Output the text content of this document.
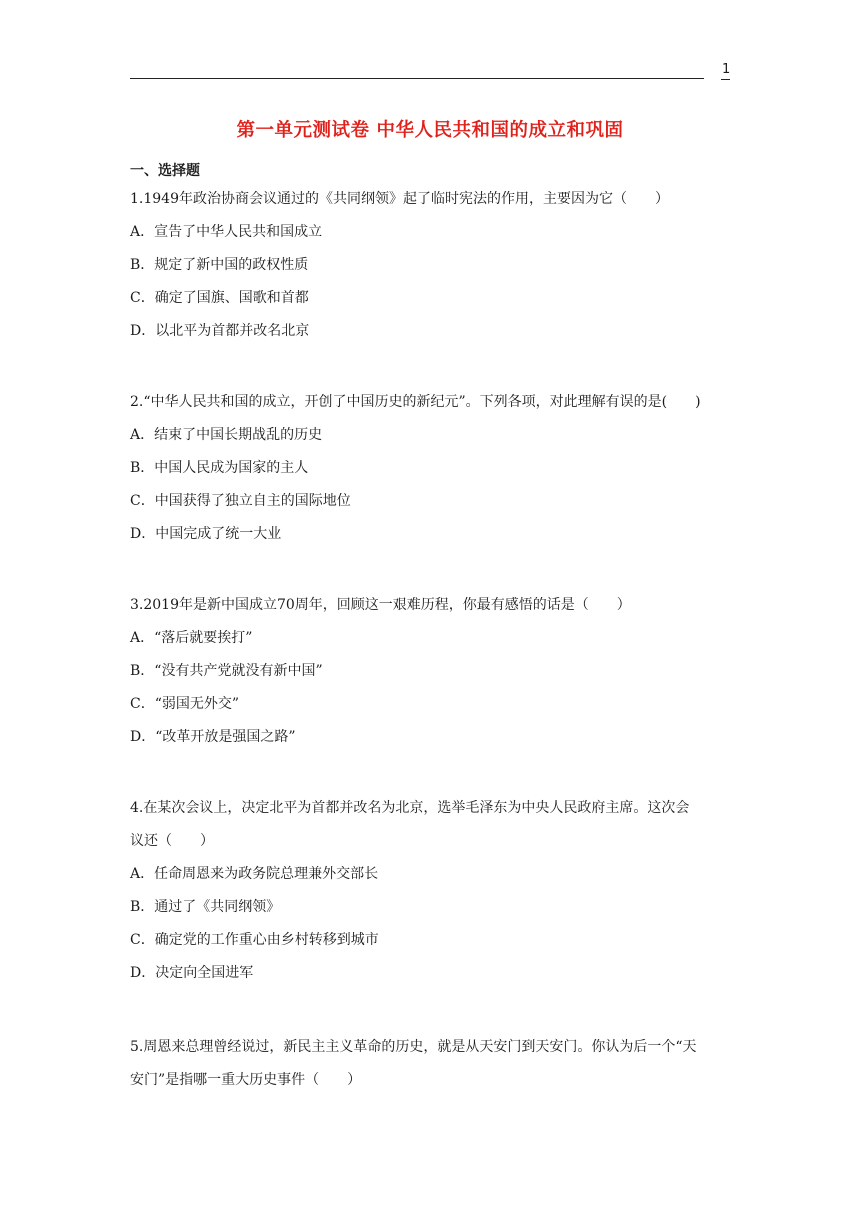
1
第一单元测试卷 中华人民共和国的成立和巩固
一、选择题
1.1949年政治协商会议通过的《共同纲领》起了临时宪法的作用，主要因为它（　　）
A．宣告了中华人民共和国成立
B．规定了新中国的政权性质
C．确定了国旗、国歌和首都
D．以北平为首都并改名北京
2.“中华人民共和国的成立，开创了中国历史的新纪元”。下列各项，对此理解有误的是(　　)
A．结束了中国长期战乱的历史
B．中国人民成为国家的主人
C．中国获得了独立自主的国际地位
D．中国完成了统一大业
3.2019年是新中国成立70周年，回顾这一艰难历程，你最有感悟的话是（　　）
A．“落后就要挨打”
B．“没有共产党就没有新中国”
C．“弱国无外交”
D．“改革开放是强国之路”
4.在某次会议上，决定北平为首都并改名为北京，选举毛泽东为中央人民政府主席。这次会
议还（　　）
A．任命周恩来为政务院总理兼外交部长
B．通过了《共同纲领》
C．确定党的工作重心由乡村转移到城市
D．决定向全国进军
5.周恩来总理曾经说过，新民主主义革命的历史，就是从天安门到天安门。你认为后一个“天
安门”是指哪一重大历史事件（　　）
